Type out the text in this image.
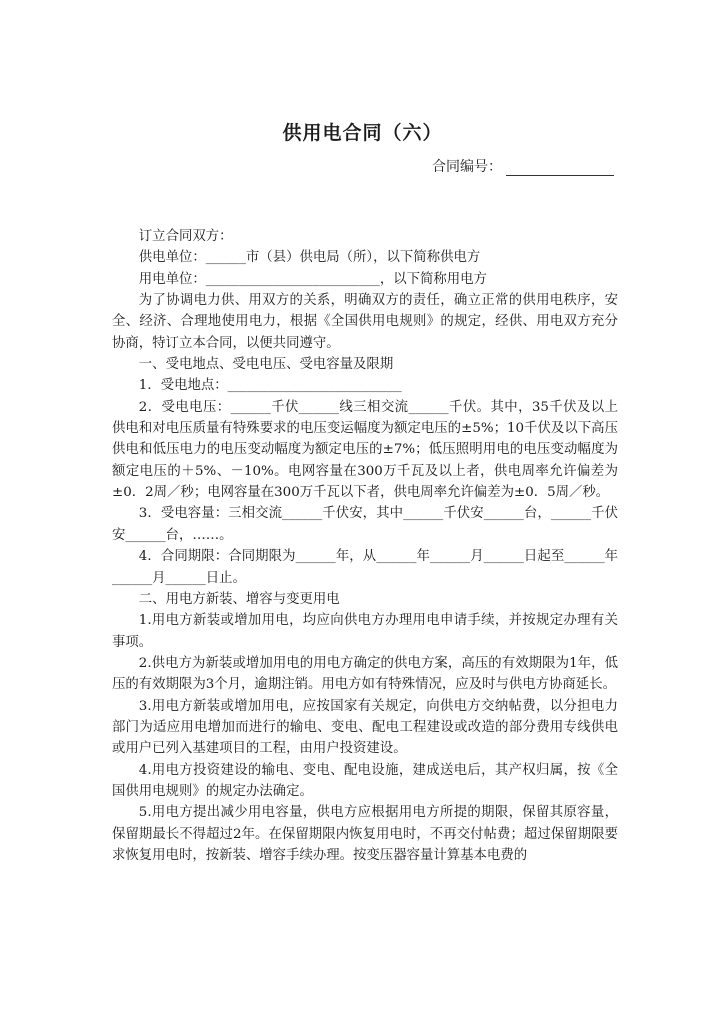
供用电合同（六）
合同编号：

订立合同双方：

供电单位：______市（县）供电局（所），以下简称供电方

用电单位：__________________________，以下简称用电方

为了协调电力供、用双方的关系，明确双方的责任，确立正常的供用电秩序，安全、经济、合理地使用电力，根据《全国供用电规则》的规定，经供、用电双方充分协商，特订立本合同，以便共同遵守。

一、受电地点、受电电压、受电容量及限期

1．受电地点：__________________________

2．受电电压：______千伏______线三相交流______千伏。其中，35千伏及以上供电和对电压质量有特殊要求的电压变运幅度为额定电压的±5%；10千伏及以下高压供电和低压电力的电压变动幅度为额定电压的±7%；低压照明用电的电压变动幅度为额定电压的＋5%、－10%。电网容量在300万千瓦及以上者，供电周率允许偏差为±0．2周／秒；电网容量在300万千瓦以下者，供电周率允许偏差为±0．5周／秒。

3．受电容量：三相交流______千伏安，其中______千伏安______台，______千伏安______台，……。

4．合同期限：合同期限为______年，从______年______月______日起至______年______月______日止。

二、用电方新装、增容与变更用电

1.用电方新装或增加用电，均应向供电方办理用电申请手续，并按规定办理有关事项。

2.供电方为新装或增加用电的用电方确定的供电方案，高压的有效期限为1年，低压的有效期限为3个月，逾期注销。用电方如有特殊情况，应及时与供电方协商延长。

3.用电方新装或增加用电，应按国家有关规定，向供电方交纳帖费，以分担电力部门为适应用电增加而进行的输电、变电、配电工程建设或改造的部分费用专线供电或用户已列入基建项目的工程，由用户投资建设。

4.用电方投资建设的输电、变电、配电设施，建成送电后，其产权归属，按《全国供用电规则》的规定办法确定。

5.用电方提出减少用电容量，供电方应根据用电方所提的期限，保留其原容量，保留期最长不得超过2年。在保留期限内恢复用电时，不再交付帖费；超过保留期限要求恢复用电时，按新装、增容手续办理。按变压器容量计算基本电费的
